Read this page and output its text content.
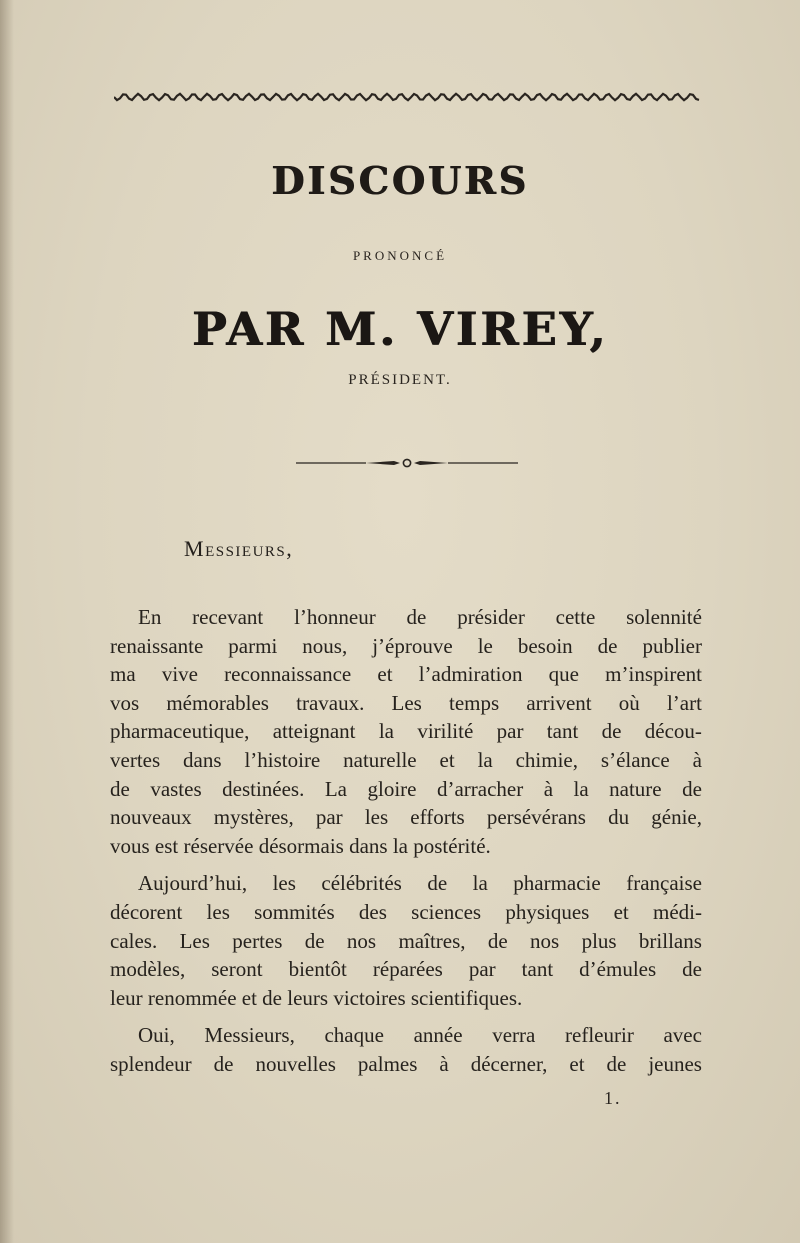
DISCOURS
PRONONCÉ
PAR M. VIREY,
PRÉSIDENT.
Messieurs,
En recevant l’honneur de présider cette solennité
renaissante parmi nous, j’éprouve le besoin de publier
ma vive reconnaissance et l’admiration que m’inspirent
vos mémorables travaux. Les temps arrivent où l’art
pharmaceutique, atteignant la virilité par tant de décou-
vertes dans l’histoire naturelle et la chimie, s’élance à
de vastes destinées. La gloire d’arracher à la nature de
nouveaux mystères, par les efforts persévérans du génie,
vous est réservée désormais dans la postérité.
Aujourd’hui, les célébrités de la pharmacie française
décorent les sommités des sciences physiques et médi-
cales. Les pertes de nos maîtres, de nos plus brillans
modèles, seront bientôt réparées par tant d’émules de
leur renommée et de leurs victoires scientifiques.
Oui, Messieurs, chaque année verra refleurir avec
splendeur de nouvelles palmes à décerner, et de jeunes
1.
